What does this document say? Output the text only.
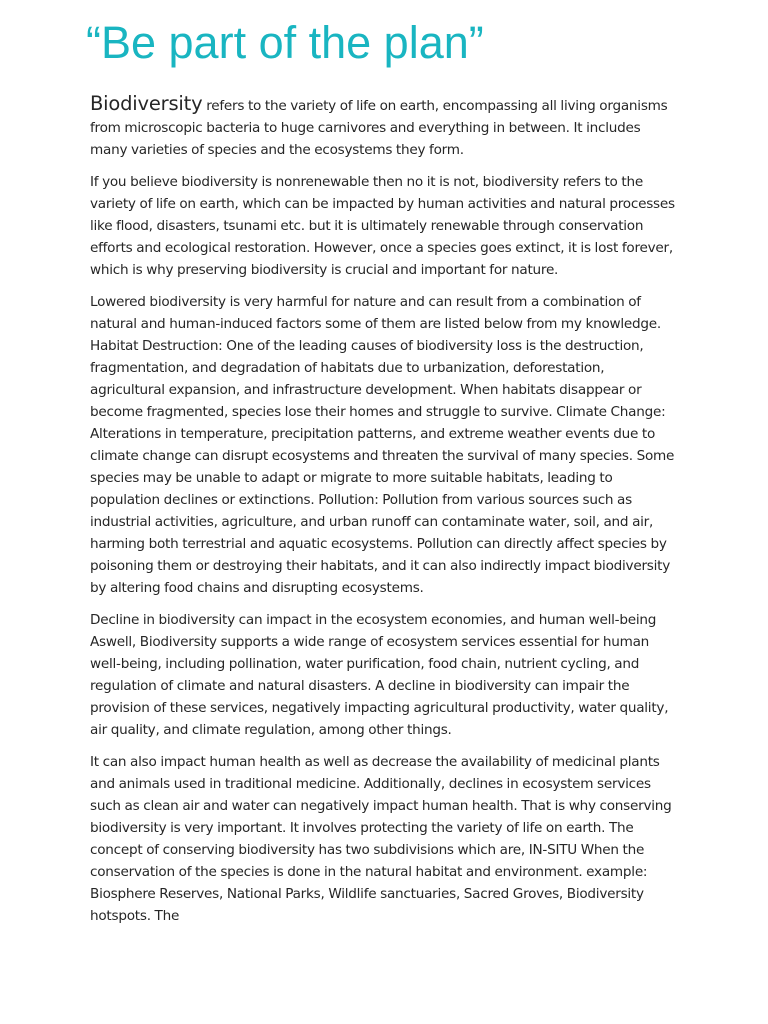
“Be part of the plan”

Biodiversity refers to the variety of life on earth, encompassing all living organisms from microscopic bacteria to huge carnivores and everything in between. It includes many varieties of species and the ecosystems they form.

If you believe biodiversity is nonrenewable then no it is not, biodiversity refers to the variety of life on earth, which can be impacted by human activities and natural processes like flood, disasters, tsunami etc. but it is ultimately renewable through conservation efforts and ecological restoration. However, once a species goes extinct, it is lost forever, which is why preserving biodiversity is crucial and important for nature.

Lowered biodiversity is very harmful for nature and can result from a combination of natural and human-induced factors some of them are listed below from my knowledge. Habitat Destruction: One of the leading causes of biodiversity loss is the destruction, fragmentation, and degradation of habitats due to urbanization, deforestation, agricultural expansion, and infrastructure development. When habitats disappear or become fragmented, species lose their homes and struggle to survive. Climate Change: Alterations in temperature, precipitation patterns, and extreme weather events due to climate change can disrupt ecosystems and threaten the survival of many species. Some species may be unable to adapt or migrate to more suitable habitats, leading to population declines or extinctions. Pollution: Pollution from various sources such as industrial activities, agriculture, and urban runoff can contaminate water, soil, and air, harming both terrestrial and aquatic ecosystems. Pollution can directly affect species by poisoning them or destroying their habitats, and it can also indirectly impact biodiversity by altering food chains and disrupting ecosystems.

Decline in biodiversity can impact in the ecosystem economies, and human well-being Aswell, Biodiversity supports a wide range of ecosystem services essential for human well-being, including pollination, water purification, food chain, nutrient cycling, and regulation of climate and natural disasters. A decline in biodiversity can impair the provision of these services, negatively impacting agricultural productivity, water quality, air quality, and climate regulation, among other things.

It can also impact human health as well as decrease the availability of medicinal plants and animals used in traditional medicine. Additionally, declines in ecosystem services such as clean air and water can negatively impact human health. That is why conserving biodiversity is very important. It involves protecting the variety of life on earth. The concept of conserving biodiversity has two subdivisions which are, IN-SITU When the conservation of the species is done in the natural habitat and environment. example: Biosphere Reserves, National Parks, Wildlife sanctuaries, Sacred Groves, Biodiversity hotspots. The
